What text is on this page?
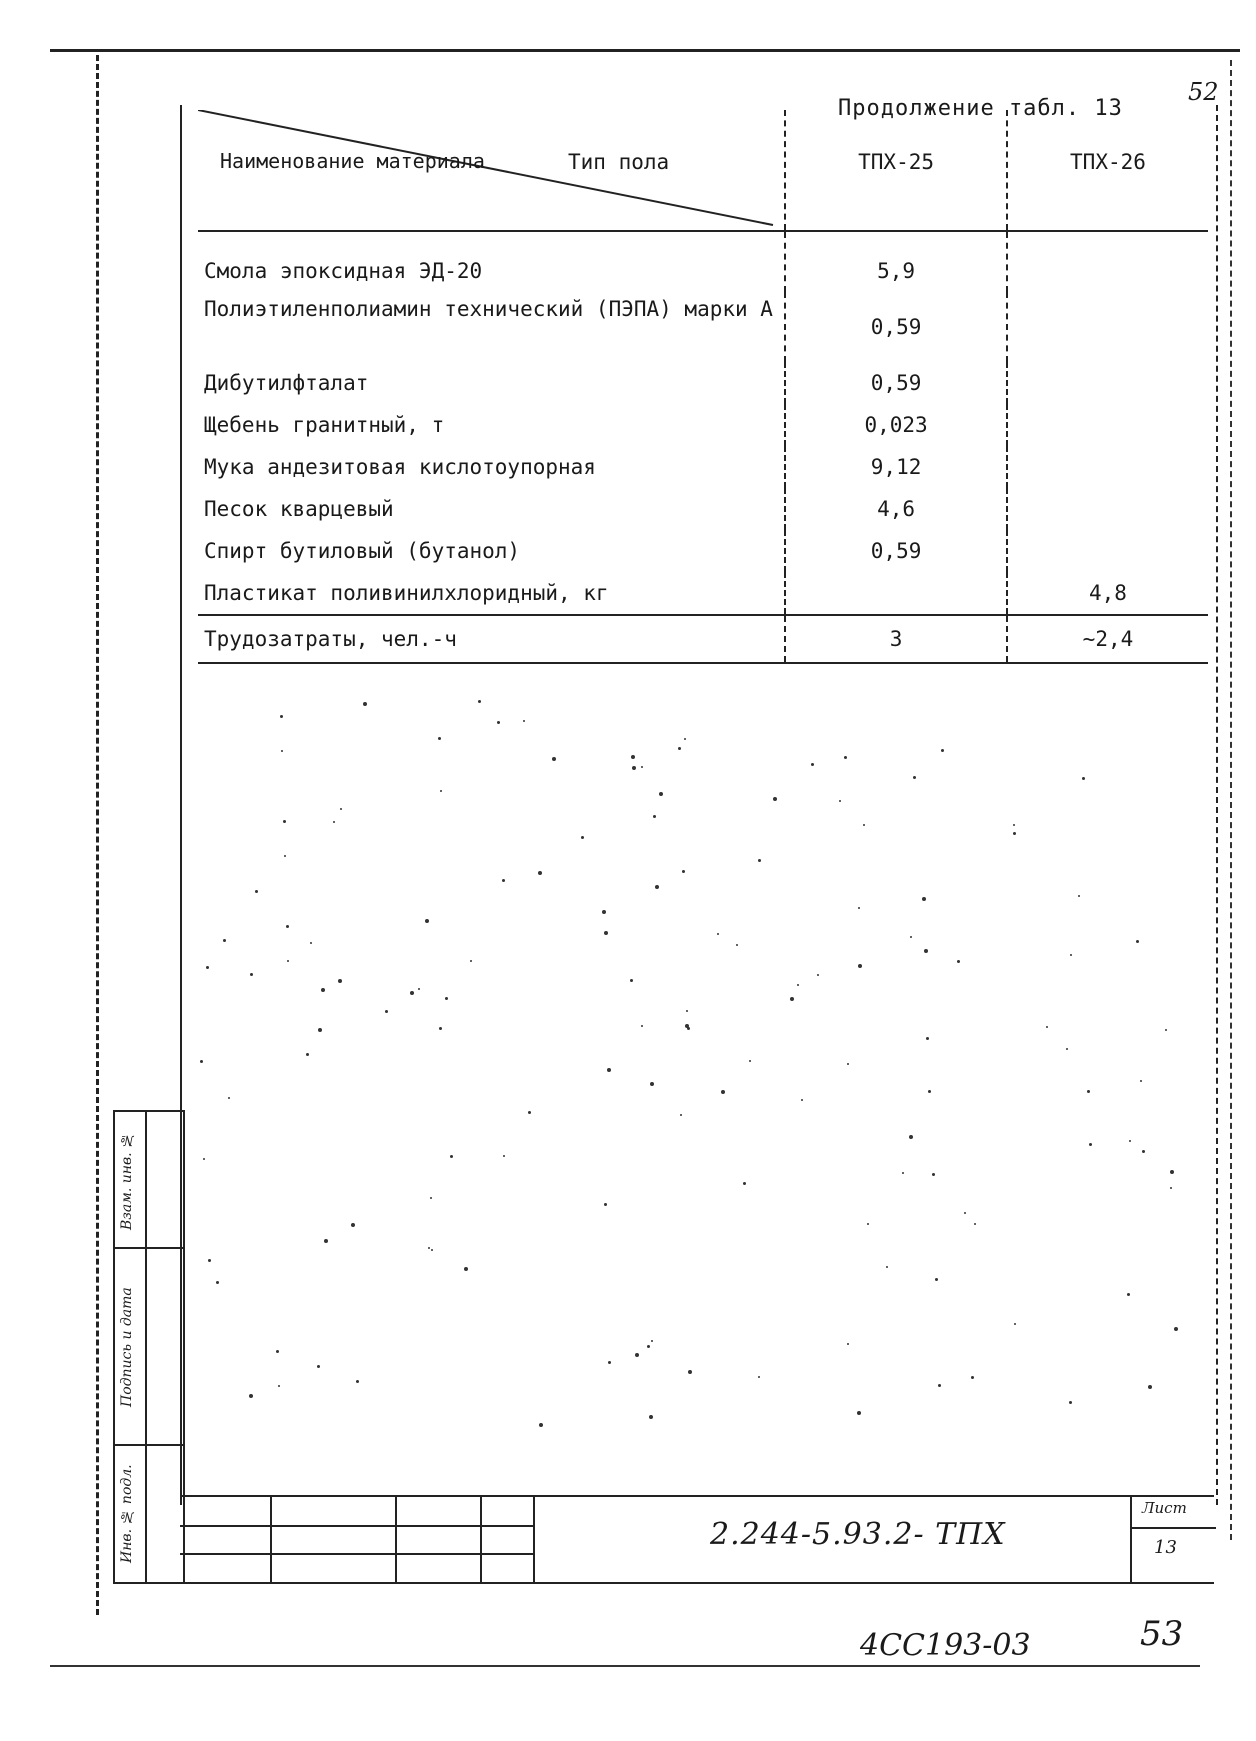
Продолжение табл. 13
52
Наименование материала Тип пола	ТПХ-25	ТПХ-26

Смола эпоксидная ЭД-20	5,9	
Полиэтиленполиамин технический (ПЭПА) марки А	0,59	
Дибутилфталат	0,59	
Щебень гранитный, т	0,023	
Мука андезитовая кислотоупорная	9,12	
Песок кварцевый	4,6	
Спирт бутиловый (бутанол)	0,59	
Пластикат поливинилхлоридный, кг		4,8
Трудозатраты, чел.-ч	3	~2,4
Взам. инв. №
Подпись и дата
Инв. № подл.	2.244-5.93.2- ТПХ
Лист
13
4СС193-03	53
